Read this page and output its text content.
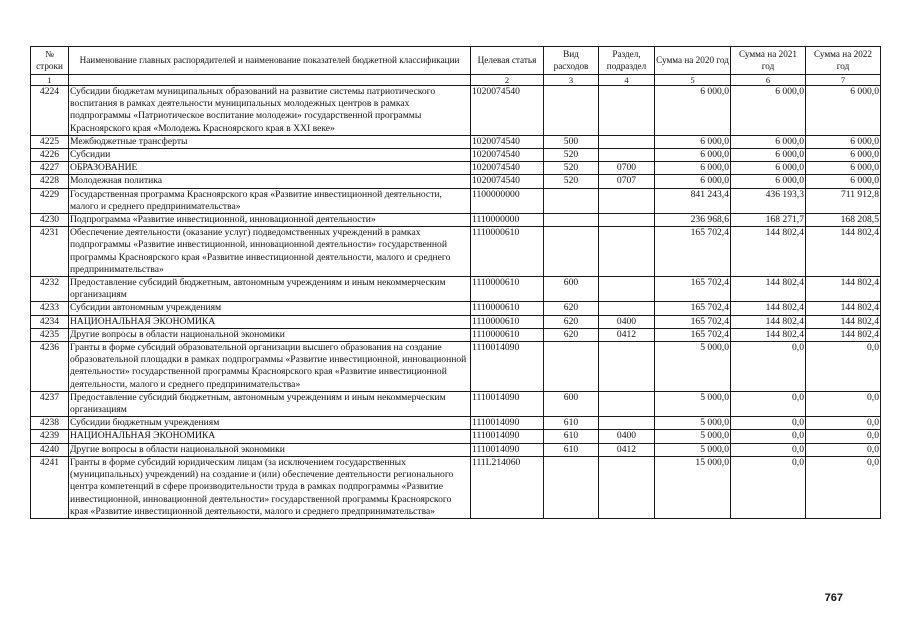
№ строки	Наименование главных распорядителей и наименование показателей бюджетной классификации	Целевая статья	Вид расходов	Раздел, подраздел	Сумма на 2020 год	Сумма на 2021 год	Сумма на 2022 год
1		2	3	4	5	6	7
4224	Субсидии бюджетам муниципальных образований на развитие системы патриотического воспитания в рамках деятельности муниципальных молодежных центров в рамках подпрограммы «Патриотическое воспитание молодежи» государственной программы Красноярского края «Молодежь Красноярского края в XXI веке»	1020074540			6 000,0	6 000,0	6 000,0
4225	Межбюджетные трансферты	1020074540	500		6 000,0	6 000,0	6 000,0
4226	Субсидии	1020074540	520		6 000,0	6 000,0	6 000,0
4227	ОБРАЗОВАНИЕ	1020074540	520	0700	6 000,0	6 000,0	6 000,0
4228	Молодежная политика	1020074540	520	0707	6 000,0	6 000,0	6 000,0
4229	Государственная программа Красноярского края «Развитие инвестиционной деятельности, малого и среднего предпринимательства»	1100000000			841 243,4	436 193,3	711 912,8
4230	Подпрограмма «Развитие инвестиционной, инновационной деятельности»	1110000000			236 968,6	168 271,7	168 208,5
4231	Обеспечение деятельности (оказание услуг) подведомственных учреждений в рамках подпрограммы «Развитие инвестиционной, инновационной деятельности» государственной программы Красноярского края «Развитие инвестиционной деятельности, малого и среднего предпринимательства»	1110000610			165 702,4	144 802,4	144 802,4
4232	Предоставление субсидий бюджетным, автономным учреждениям и иным некоммерческим организациям	1110000610	600		165 702,4	144 802,4	144 802,4
4233	Субсидии автономным учреждениям	1110000610	620		165 702,4	144 802,4	144 802,4
4234	НАЦИОНАЛЬНАЯ ЭКОНОМИКА	1110000610	620	0400	165 702,4	144 802,4	144 802,4
4235	Другие вопросы в области национальной экономики	1110000610	620	0412	165 702,4	144 802,4	144 802,4
4236	Гранты в форме субсидий образовательной организации высшего образования на создание образовательной площадки в рамках подпрограммы «Развитие инвестиционной, инновационной деятельности» государственной программы Красноярского края «Развитие инвестиционной деятельности, малого и среднего предпринимательства»	1110014090			5 000,0	0,0	0,0
4237	Предоставление субсидий бюджетным, автономным учреждениям и иным некоммерческим организациям	1110014090	600		5 000,0	0,0	0,0
4238	Субсидии бюджетным учреждениям	1110014090	610		5 000,0	0,0	0,0
4239	НАЦИОНАЛЬНАЯ ЭКОНОМИКА	1110014090	610	0400	5 000,0	0,0	0,0
4240	Другие вопросы в области национальной экономики	1110014090	610	0412	5 000,0	0,0	0,0
4241	Гранты в форме субсидий юридическим лицам (за исключением государственных (муниципальных) учреждений) на создание и (или) обеспечение деятельности регионального центра компетенций в сфере производительности труда в рамках подпрограммы «Развитие инвестиционной, инновационной деятельности» государственной программы Красноярского края «Развитие инвестиционной деятельности, малого и среднего предпринимательства»	111L214060			15 000,0	0,0	0,0
767
